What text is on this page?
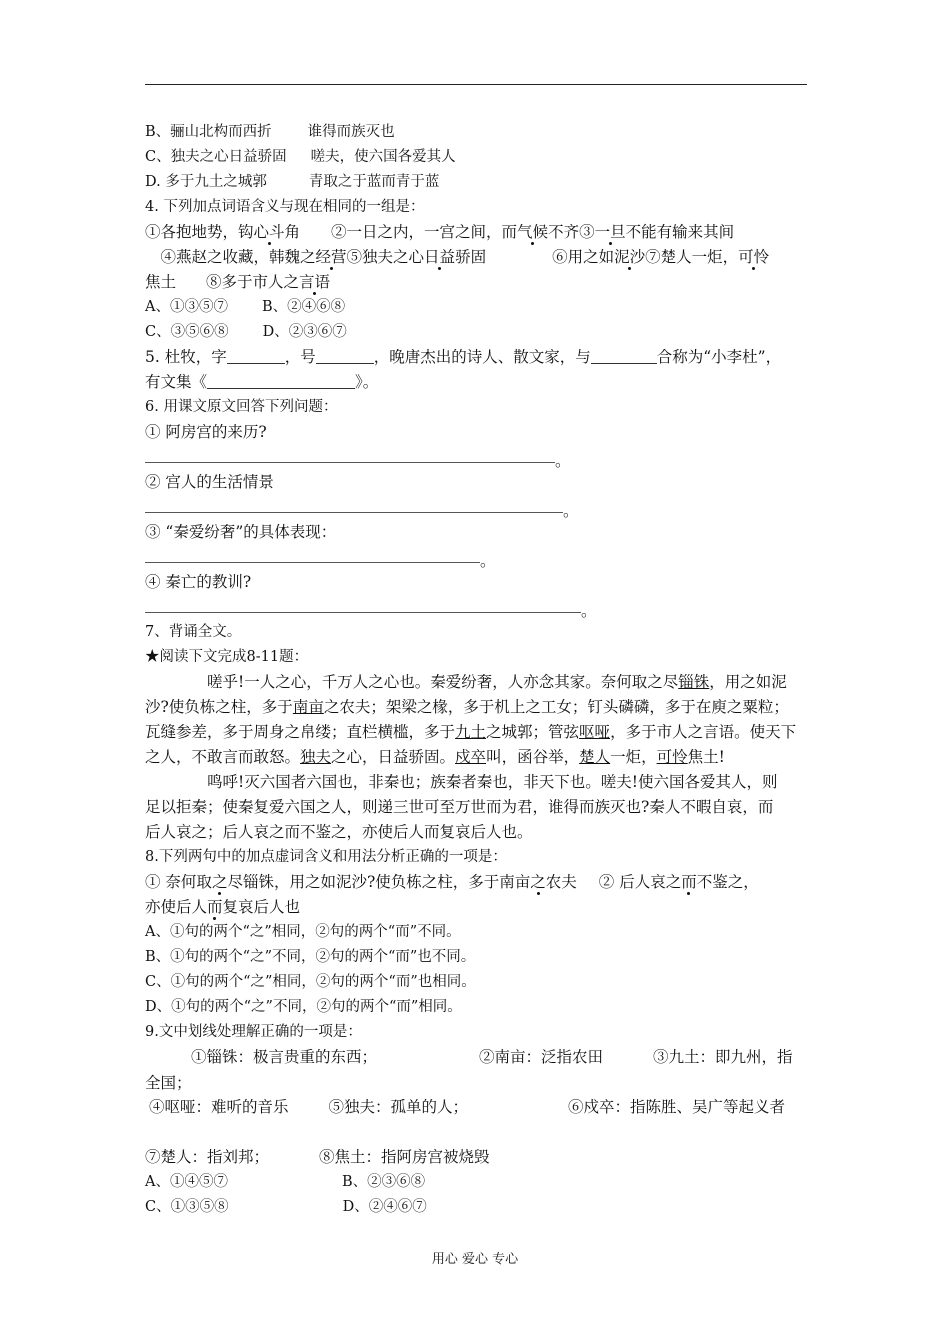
B、骊山北构而西折 谁得而族灭也
C、独夫之心日益骄固 嗟夫，使六国各爱其人
D. 多于九土之城郭	青取之于蓝而青于蓝
4. 下列加点词语含义与现在相同的一组是：
①各抱地势，钩心斗角　　②一日之内，一宫之间，而气候不齐③一旦不能有输来其间
　④燕赵之收藏，韩魏之经营⑤独夫之心日益骄固	⑥用之如泥沙⑦楚人一炬，可怜
焦土 ⑧多于市人之言语
A、①③⑤⑦ B、②④⑥⑧
C、③⑤⑥⑧ D、②③⑥⑦
5. 杜牧，字	，号	，晚唐杰出的诗人、散文家，与	合称为“小李杜”，
有文集《	》。
6. 用课文原文回答下列问题：
① 阿房宫的来历?
。
② 宫人的生活情景
。
③ “秦爱纷奢”的具体表现：
。
④ 秦亡的教训?
。
7、背诵全文。
★阅读下文完成8-11题：
嗟乎!一人之心，千万人之心也。秦爱纷奢，人亦念其家。奈何取之尽锱铢，用之如泥
沙?使负栋之柱，多于南亩之农夫；架梁之椽，多于机上之工女；钉头磷磷，多于在庾之粟粒；
瓦缝参差，多于周身之帛缕；直栏横槛，多于九土之城郭；管弦呕哑，多于市人之言语。使天下
之人，不敢言而敢怒。独夫之心，日益骄固。戍卒叫，函谷举，楚人一炬，可怜焦土!
鸣呼!灭六国者六国也，非秦也；族秦者秦也，非天下也。嗟夫!使六国各爱其人，则
足以拒秦；使秦复爱六国之人，则递三世可至万世而为君，谁得而族灭也?秦人不暇自哀，而
后人哀之；后人哀之而不鉴之，亦使后人而复哀后人也。
8.下列两句中的加点虚词含义和用法分析正确的一项是：
① 奈何取之尽锱铢，用之如泥沙?使负栋之柱，多于南亩之农夫 ② 后人哀之而不鉴之，
亦使后人而复哀后人也
A、①句的两个“之”相同，②句的两个“而”不同。
B、①句的两个“之”不同，②句的两个“而”也不同。
C、①句的两个“之”相同，②句的两个“而”也相同。
D、①句的两个“之”不同，②句的两个“而”相同。
9.文中划线处理解正确的一项是：
①锱铢：极言贵重的东西；	②南亩：泛指农田	③九土：即九州，指
全国；
④呕哑：难听的音乐	⑤独夫：孤单的人；	⑥戍卒：指陈胜、吴广等起义者
⑦楚人：指刘邦；	⑧焦土：指阿房宫被烧毁
A、①④⑤⑦	B、②③⑥⑧
C、①③⑤⑧	D、②④⑥⑦
用心 爱心 专心
